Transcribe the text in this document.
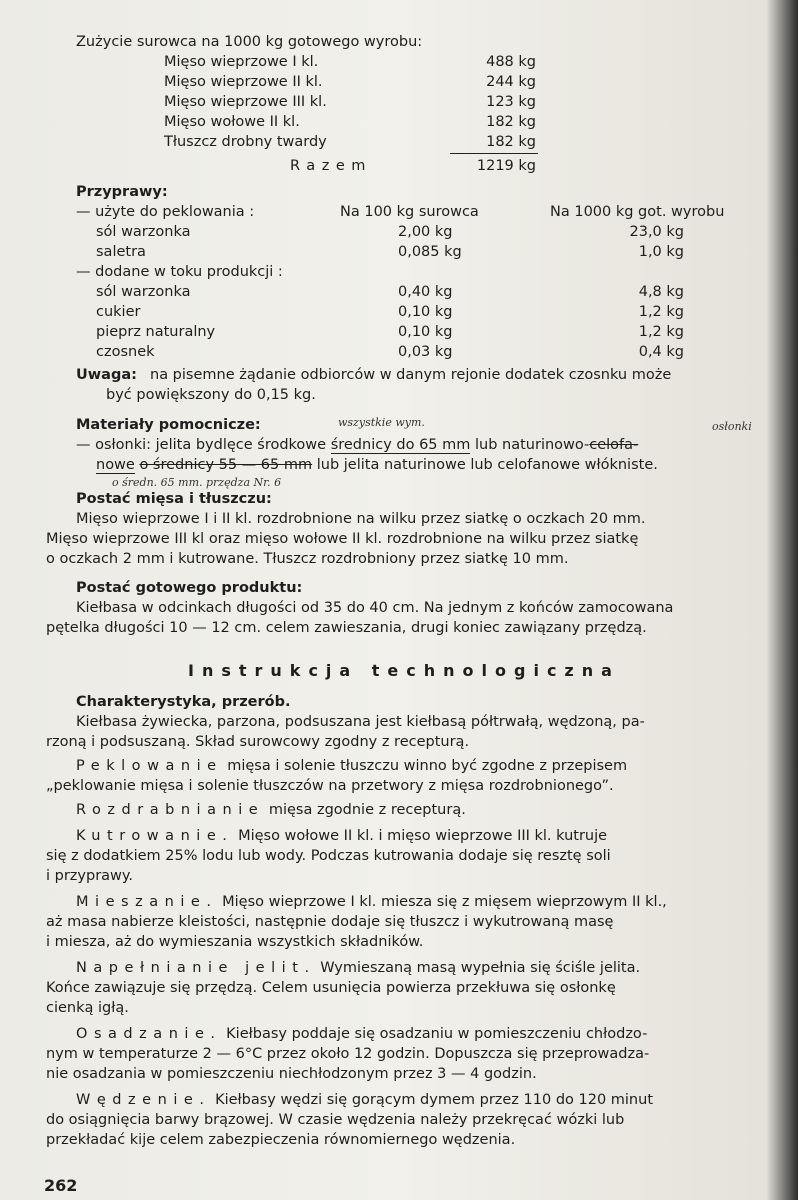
Zużycie surowca na 1000 kg gotowego wyrobu:
Mięso wieprzowe I kl.	488 kg
Mięso wieprzowe II kl.	244 kg
Mięso wieprzowe III kl.	123 kg
Mięso wołowe II kl.	182 kg
Tłuszcz drobny twardy	182 kg
Razem	1219 kg
Przyprawy:
— użyte do peklowania :	Na 100 kg surowca	Na 1000 kg got. wyrobu
sól warzonka	2,00 kg	23,0 kg
saletra	0,085 kg	1,0 kg
— dodane w toku produkcji :
sól warzonka	0,40 kg	4,8 kg
cukier	0,10 kg	1,2 kg
pieprz naturalny	0,10 kg	1,2 kg
czosnek	0,03 kg	0,4 kg
Uwaga: na pisemne żądanie odbiorców w danym rejonie dodatek czosnku może
być powiększony do 0,15 kg.
Materiały pomocnicze:	wszystkie wym.	osłonki
— osłonki: jelita bydlęce środkowe średnicy do 65 mm lub naturinowo-celofa-
nowe o średnicy 55 — 65 mm lub jelita naturinowe lub celofanowe włókniste.
o średn. 65 mm. przędza Nr. 6
Postać mięsa i tłuszczu:
Mięso wieprzowe I i II kl. rozdrobnione na wilku przez siatkę o oczkach 20 mm.
Mięso wieprzowe III kl oraz mięso wołowe II kl. rozdrobnione na wilku przez siatkę
o oczkach 2 mm i kutrowane. Tłuszcz rozdrobniony przez siatkę 10 mm.
Postać gotowego produktu:
Kiełbasa w odcinkach długości od 35 do 40 cm. Na jednym z końców zamocowana
pętelka długości 10 — 12 cm. celem zawieszania, drugi koniec zawiązany przędzą.
Instrukcja technologiczna
Charakterystyka, przerób.
Kiełbasa żywiecka, parzona, podsuszana jest kiełbasą półtrwałą, wędzoną, pa-
rzoną i podsuszaną. Skład surowcowy zgodny z recepturą.
Peklowanie mięsa i solenie tłuszczu winno być zgodne z przepisem
„peklowanie mięsa i solenie tłuszczów na przetwory z mięsa rozdrobnionego”.
Rozdrabnianie mięsa zgodnie z recepturą.
Kutrowanie. Mięso wołowe II kl. i mięso wieprzowe III kl. kutruje
się z dodatkiem 25% lodu lub wody. Podczas kutrowania dodaje się resztę soli
i przyprawy.
Mieszanie. Mięso wieprzowe I kl. miesza się z mięsem wieprzowym II kl.,
aż masa nabierze kleistości, następnie dodaje się tłuszcz i wykutrowaną masę
i miesza, aż do wymieszania wszystkich składników.
Napełnianie jelit. Wymieszaną masą wypełnia się ściśle jelita.
Końce zawiązuje się przędzą. Celem usunięcia powierza przekłuwa się osłonkę
cienką igłą.
Osadzanie. Kiełbasy poddaje się osadzaniu w pomieszczeniu chłodzo-
nym w temperaturze 2 — 6°C przez około 12 godzin. Dopuszcza się przeprowadza-
nie osadzania w pomieszczeniu niechłodzonym przez 3 — 4 godzin.
Wędzenie. Kiełbasy wędzi się gorącym dymem przez 110 do 120 minut
do osiągnięcia barwy brązowej. W czasie wędzenia należy przekręcać wózki lub
przekładać kije celem zabezpieczenia równomiernego wędzenia.
262
